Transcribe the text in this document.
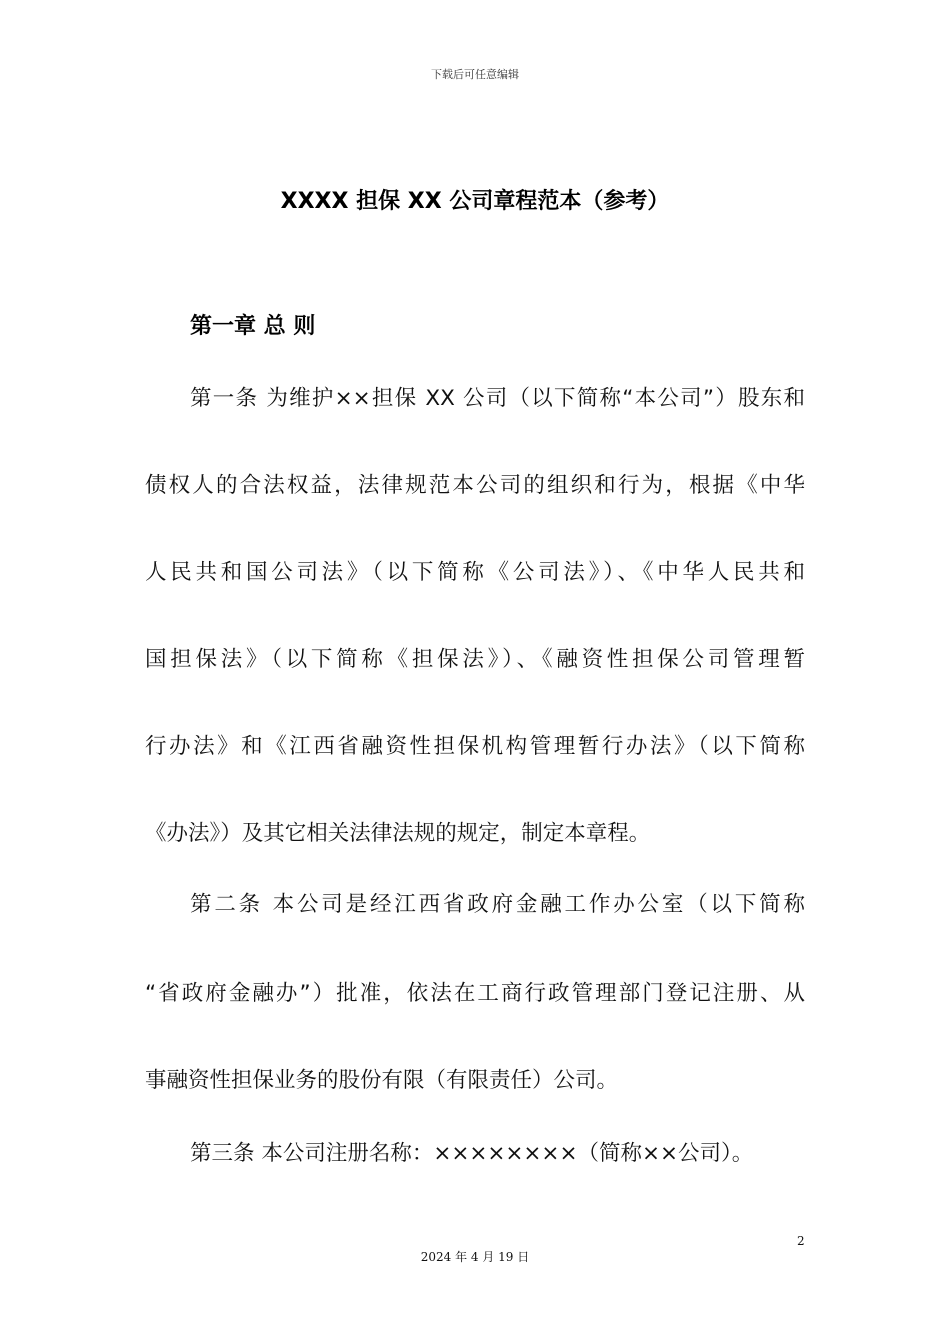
下载后可任意编辑
XXXX 担保 XX 公司章程范本（参考）
第一章 总 则
第一条 为维护××担保 XX 公司（以下简称“本公司”）股东和
债权人的合法权益，法律规范本公司的组织和行为，根据《中华
人民共和国公司法》（以下简称《公司法》）、《中华人民共和
国担保法》（以下简称《担保法》）、《融资性担保公司管理暂
行办法》和《江西省融资性担保机构管理暂行办法》（以下简称
《办法》）及其它相关法律法规的规定，制定本章程。
第二条 本公司是经江西省政府金融工作办公室（以下简称
“省政府金融办”）批准，依法在工商行政管理部门登记注册、从
事融资性担保业务的股份有限（有限责任）公司。
第三条 本公司注册名称：××××××××（简称××公司）。
2
2024 年 4 月 19 日
